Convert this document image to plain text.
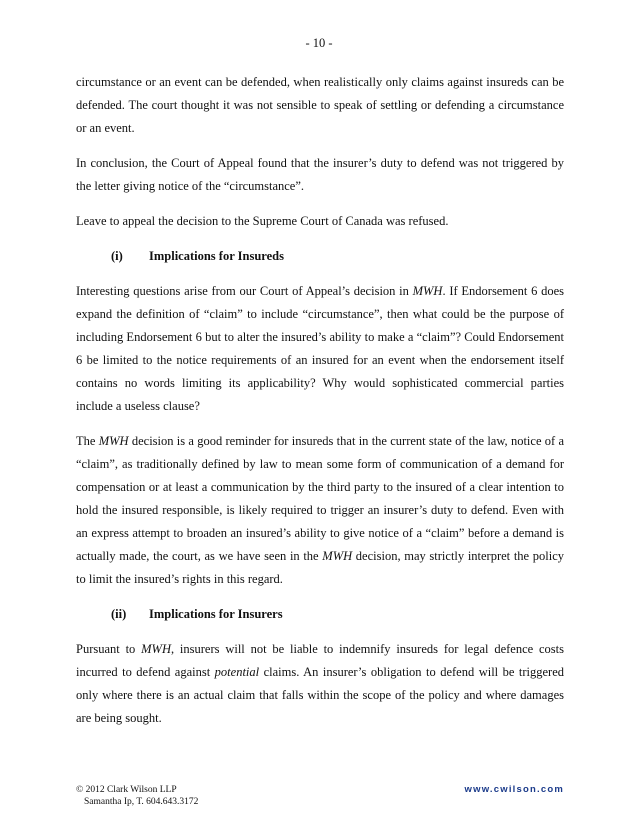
- 10 -

circumstance or an event can be defended, when realistically only claims against insureds can be defended. The court thought it was not sensible to speak of settling or defending a circumstance or an event.

In conclusion, the Court of Appeal found that the insurer’s duty to defend was not triggered by the letter giving notice of the “circumstance”.

Leave to appeal the decision to the Supreme Court of Canada was refused.

(i) Implications for Insureds

Interesting questions arise from our Court of Appeal’s decision in MWH. If Endorsement 6 does expand the definition of “claim” to include “circumstance”, then what could be the purpose of including Endorsement 6 but to alter the insured’s ability to make a “claim”? Could Endorsement 6 be limited to the notice requirements of an insured for an event when the endorsement itself contains no words limiting its applicability? Why would sophisticated commercial parties include a useless clause?

The MWH decision is a good reminder for insureds that in the current state of the law, notice of a “claim”, as traditionally defined by law to mean some form of communication of a demand for compensation or at least a communication by the third party to the insured of a clear intention to hold the insured responsible, is likely required to trigger an insurer’s duty to defend. Even with an express attempt to broaden an insured’s ability to give notice of a “claim” before a demand is actually made, the court, as we have seen in the MWH decision, may strictly interpret the policy to limit the insured’s rights in this regard.

(ii) Implications for Insurers

Pursuant to MWH, insurers will not be liable to indemnify insureds for legal defence costs incurred to defend against potential claims. An insurer’s obligation to defend will be triggered only where there is an actual claim that falls within the scope of the policy and where damages are being sought.

© 2012 Clark Wilson LLP
Samantha Ip, T. 604.643.3172
www.cwilson.com
